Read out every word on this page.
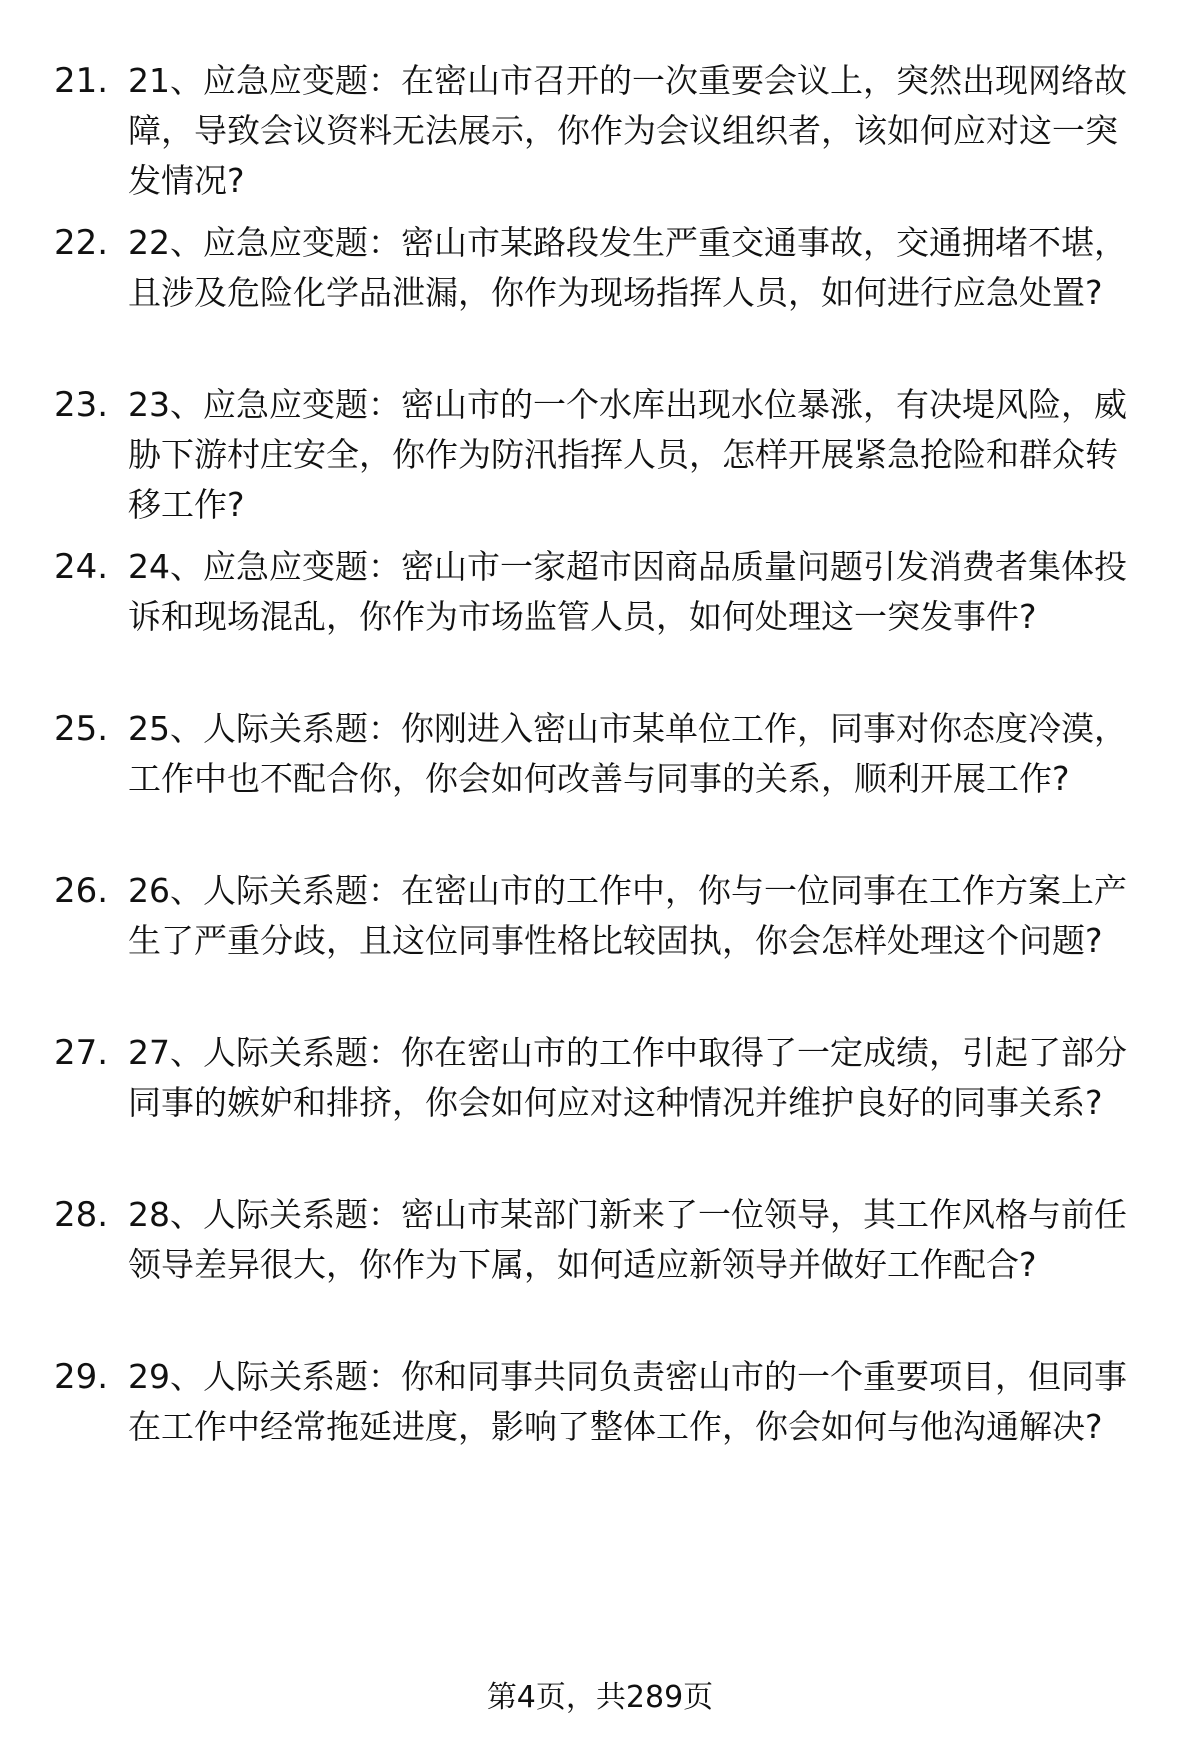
21. 21、应急应变题：在密山市召开的一次重要会议上，突然出现网络故障，导致会议资料无法展示，你作为会议组织者，该如何应对这一突发情况?
22. 22、应急应变题：密山市某路段发生严重交通事故，交通拥堵不堪，且涉及危险化学品泄漏，你作为现场指挥人员，如何进行应急处置?
23. 23、应急应变题：密山市的一个水库出现水位暴涨，有决堤风险，威胁下游村庄安全，你作为防汛指挥人员，怎样开展紧急抢险和群众转移工作?
24. 24、应急应变题：密山市一家超市因商品质量问题引发消费者集体投诉和现场混乱，你作为市场监管人员，如何处理这一突发事件?
25. 25、人际关系题：你刚进入密山市某单位工作，同事对你态度冷漠，工作中也不配合你，你会如何改善与同事的关系，顺利开展工作?
26. 26、人际关系题：在密山市的工作中，你与一位同事在工作方案上产生了严重分歧，且这位同事性格比较固执，你会怎样处理这个问题?
27. 27、人际关系题：你在密山市的工作中取得了一定成绩，引起了部分同事的嫉妒和排挤，你会如何应对这种情况并维护良好的同事关系?
28. 28、人际关系题：密山市某部门新来了一位领导，其工作风格与前任领导差异很大，你作为下属，如何适应新领导并做好工作配合?
29. 29、人际关系题：你和同事共同负责密山市的一个重要项目，但同事在工作中经常拖延进度，影响了整体工作，你会如何与他沟通解决?
第4页，共289页
